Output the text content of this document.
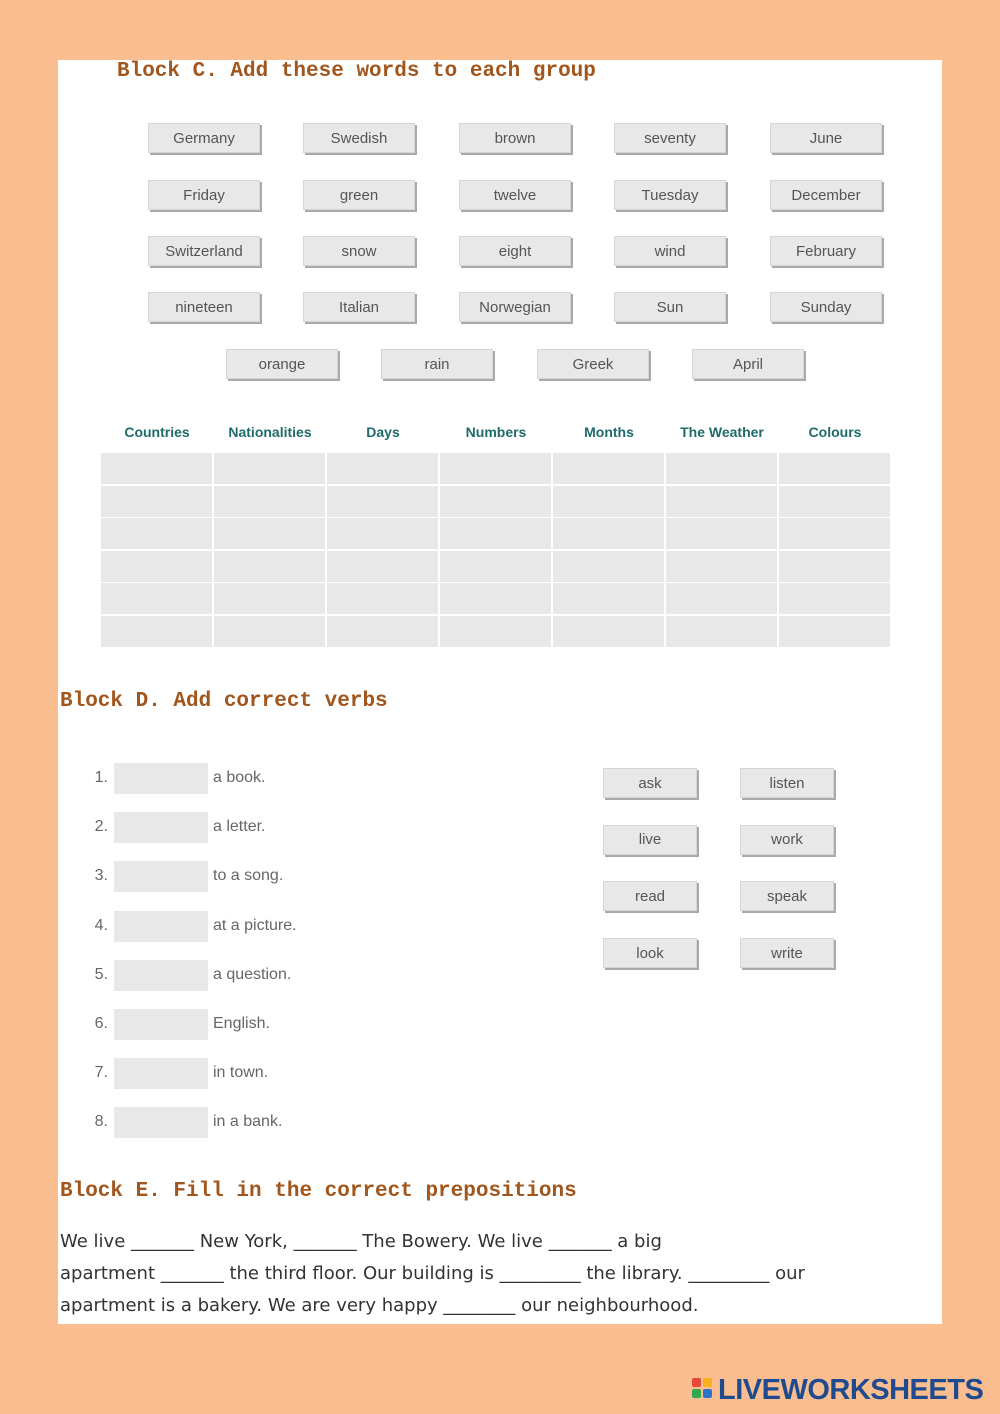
Block C. Add these words to each group
Germany	Swedish	brown	seventy	June
Friday	green	twelve	Tuesday	December
Switzerland	snow	eight	wind	February
nineteen	Italian	Norwegian	Sun	Sunday
orange	rain	Greek	April
Countries	Nationalities	Days	Numbers	Months	The Weather	Colours
Block D. Add correct verbs
1.	a book.
2.	a letter.
3.	to a song.
4.	at a picture.
5.	a question.
6.	English.
7.	in town.
8.	in a bank.
ask	listen
live	work
read	speak
look	write
Block E. Fill in the correct prepositions
We live _______ New York, _______ The Bowery. We live _______ a big
apartment _______ the third floor. Our building is _________ the library. _________ our
apartment is a bakery. We are very happy ________ our neighbourhood.
LIVEWORKSHEETS
